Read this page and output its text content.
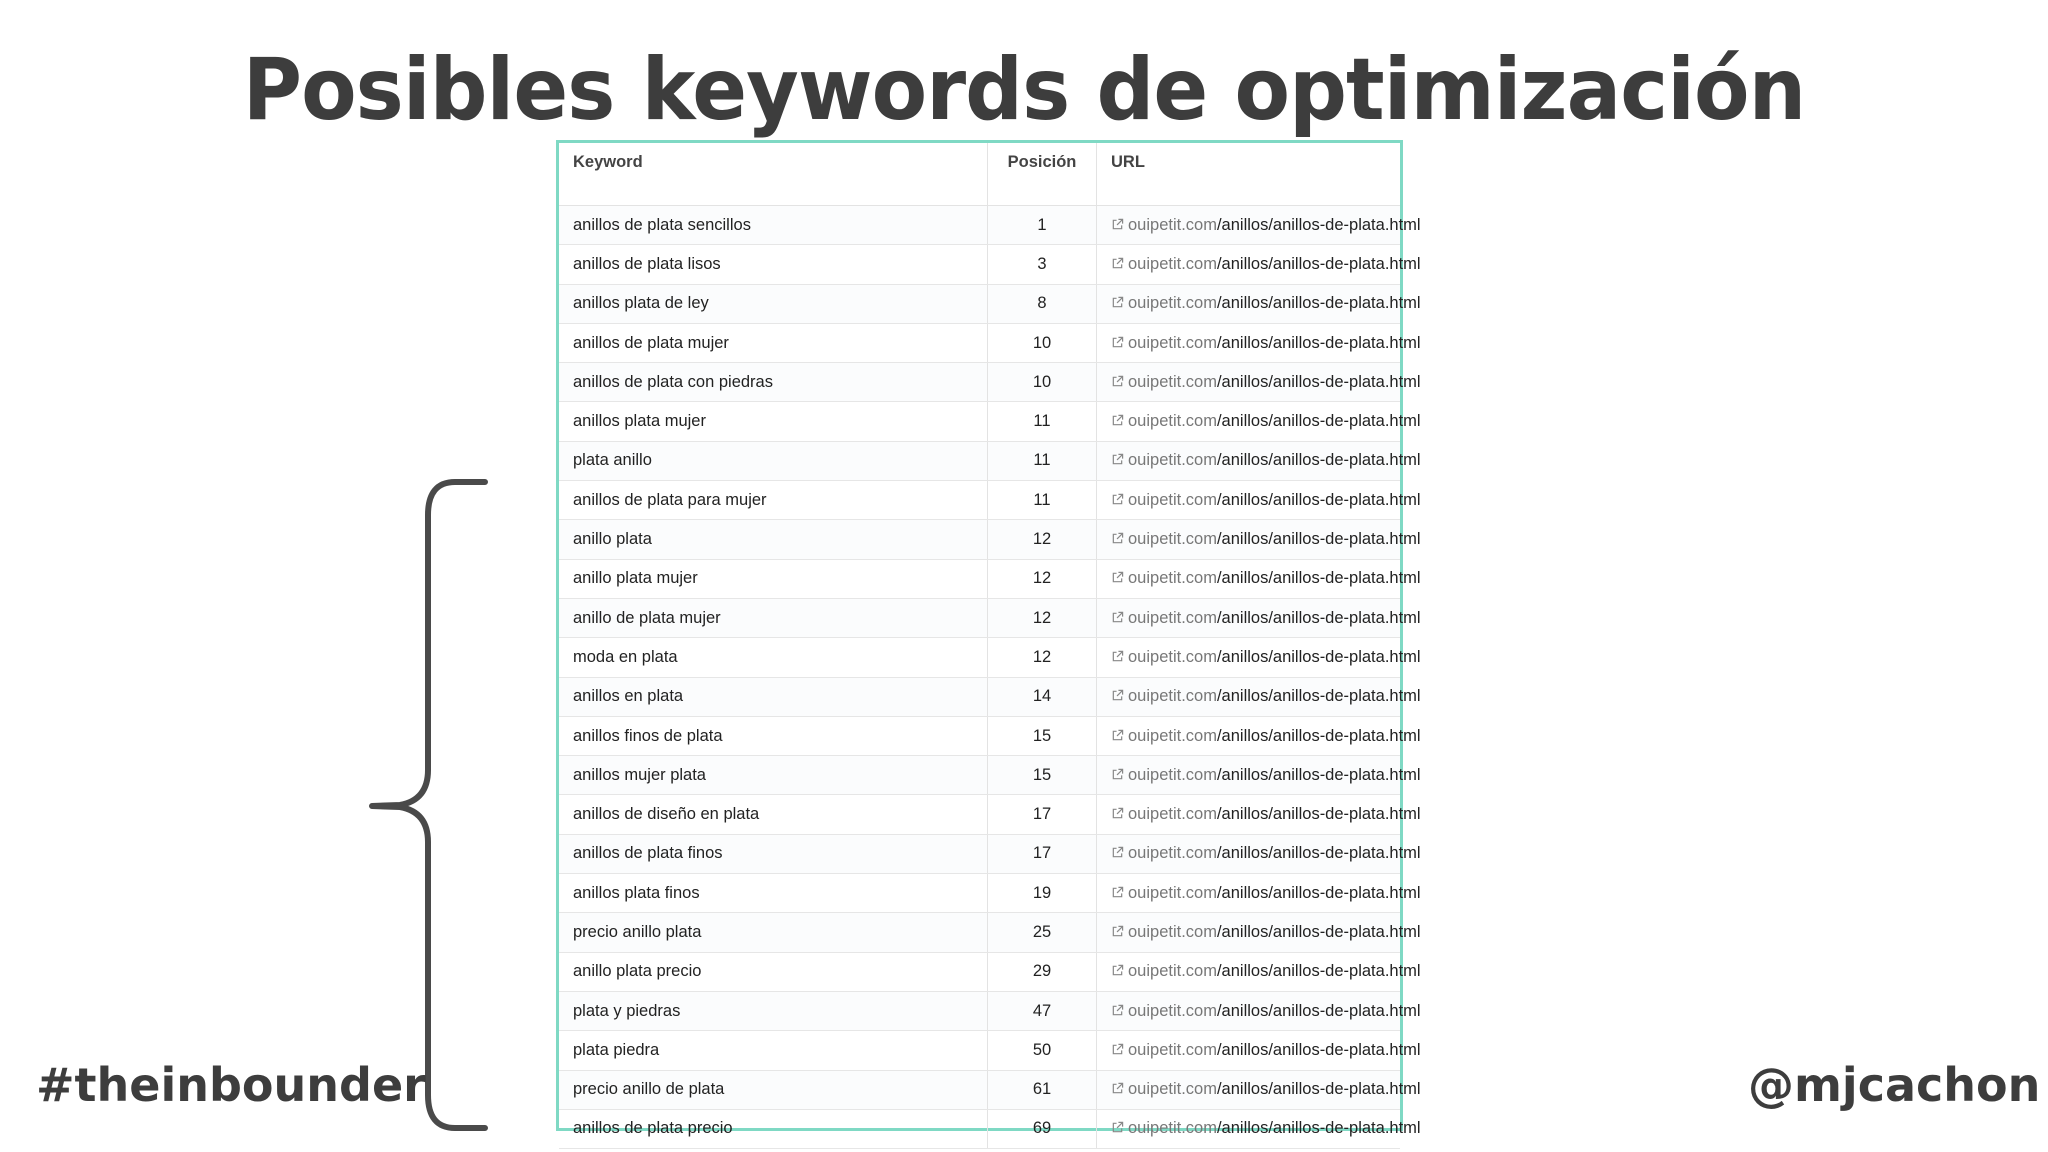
Posibles keywords de optimización
Keyword	Posición	URL
anillos de plata sencillos	1	ouipetit.com/anillos/anillos-de-plata.html
anillos de plata lisos	3	ouipetit.com/anillos/anillos-de-plata.html
anillos plata de ley	8	ouipetit.com/anillos/anillos-de-plata.html
anillos de plata mujer	10	ouipetit.com/anillos/anillos-de-plata.html
anillos de plata con piedras	10	ouipetit.com/anillos/anillos-de-plata.html
anillos plata mujer	11	ouipetit.com/anillos/anillos-de-plata.html
plata anillo	11	ouipetit.com/anillos/anillos-de-plata.html
anillos de plata para mujer	11	ouipetit.com/anillos/anillos-de-plata.html
anillo plata	12	ouipetit.com/anillos/anillos-de-plata.html
anillo plata mujer	12	ouipetit.com/anillos/anillos-de-plata.html
anillo de plata mujer	12	ouipetit.com/anillos/anillos-de-plata.html
moda en plata	12	ouipetit.com/anillos/anillos-de-plata.html
anillos en plata	14	ouipetit.com/anillos/anillos-de-plata.html
anillos finos de plata	15	ouipetit.com/anillos/anillos-de-plata.html
anillos mujer plata	15	ouipetit.com/anillos/anillos-de-plata.html
anillos de diseño en plata	17	ouipetit.com/anillos/anillos-de-plata.html
anillos de plata finos	17	ouipetit.com/anillos/anillos-de-plata.html
anillos plata finos	19	ouipetit.com/anillos/anillos-de-plata.html
precio anillo plata	25	ouipetit.com/anillos/anillos-de-plata.html
anillo plata precio	29	ouipetit.com/anillos/anillos-de-plata.html
plata y piedras	47	ouipetit.com/anillos/anillos-de-plata.html
plata piedra	50	ouipetit.com/anillos/anillos-de-plata.html
precio anillo de plata	61	ouipetit.com/anillos/anillos-de-plata.html
anillos de plata precio	69	ouipetit.com/anillos/anillos-de-plata.html
#theinbounder	@mjcachon
